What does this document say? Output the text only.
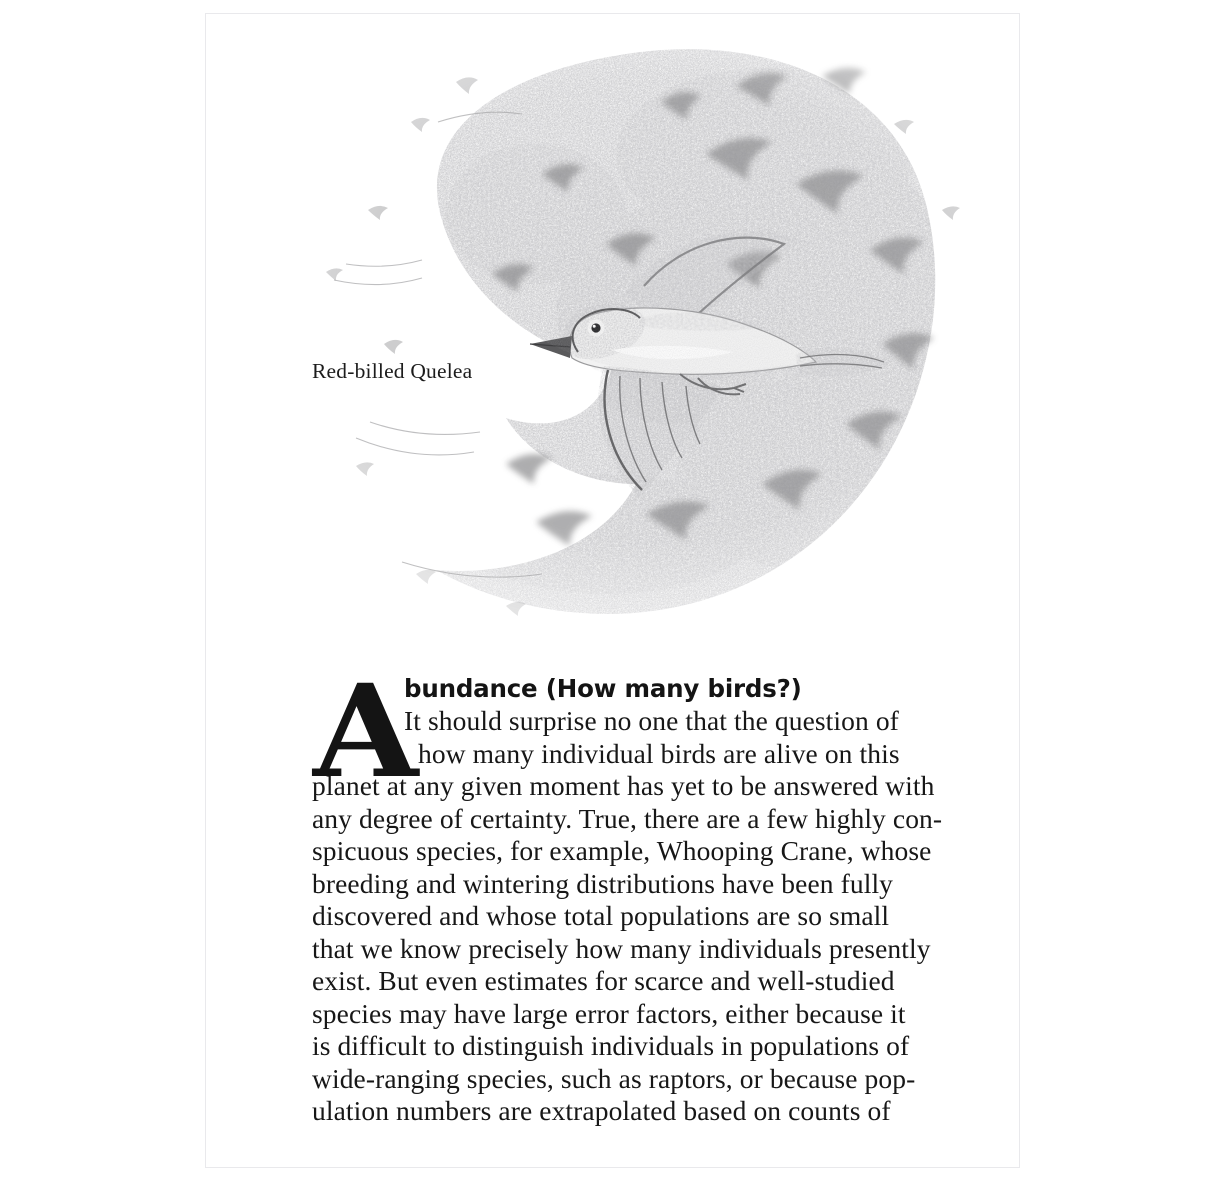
Red-billed Quelea
A
bundance (How many birds?)
It should surprise no one that the question of
how many individual birds are alive on this
planet at any given moment has yet to be answered with
any degree of certainty. True, there are a few highly con-
spicuous species, for example, Whooping Crane, whose
breeding and wintering distributions have been fully
discovered and whose total populations are so small
that we know precisely how many individuals presently
exist. But even estimates for scarce and well-studied
species may have large error factors, either because it
is difficult to distinguish individuals in populations of
wide-ranging species, such as raptors, or because pop-
ulation numbers are extrapolated based on counts of
